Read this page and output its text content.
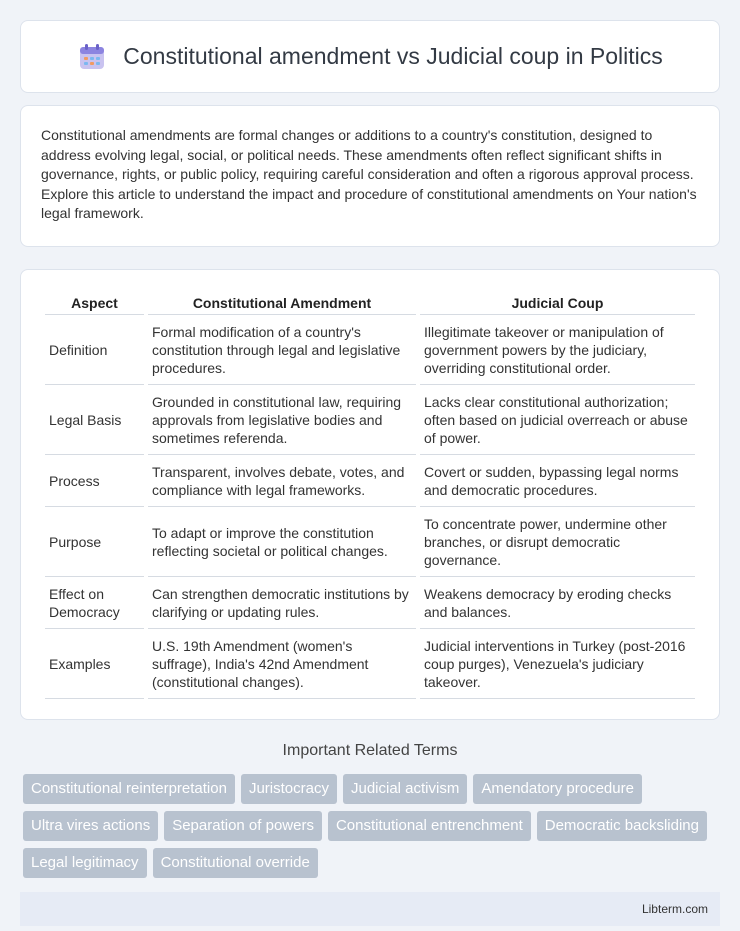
Constitutional amendment vs Judicial coup in Politics

Constitutional amendments are formal changes or additions to a country's constitution, designed to address evolving legal, social, or political needs. These amendments often reflect significant shifts in governance, rights, or public policy, requiring careful consideration and often a rigorous approval process. Explore this article to understand the impact and procedure of constitutional amendments on Your nation's legal framework.

Aspect	Constitutional Amendment	Judicial Coup
Definition	Formal modification of a country's constitution through legal and legislative procedures.	Illegitimate takeover or manipulation of government powers by the judiciary, overriding constitutional order.
Legal Basis	Grounded in constitutional law, requiring approvals from legislative bodies and sometimes referenda.	Lacks clear constitutional authorization; often based on judicial overreach or abuse of power.
Process	Transparent, involves debate, votes, and compliance with legal frameworks.	Covert or sudden, bypassing legal norms and democratic procedures.
Purpose	To adapt or improve the constitution reflecting societal or political changes.	To concentrate power, undermine other branches, or disrupt democratic governance.
Effect on Democracy	Can strengthen democratic institutions by clarifying or updating rules.	Weakens democracy by eroding checks and balances.
Examples	U.S. 19th Amendment (women's suffrage), India's 42nd Amendment (constitutional changes).	Judicial interventions in Turkey (post-2016 coup purges), Venezuela's judiciary takeover.
Important Related Terms
Constitutional reinterpretation	Juristocracy	Judicial activism	Amendatory procedure
Ultra vires actions	Separation of powers	Constitutional entrenchment	Democratic backsliding
Legal legitimacy	Constitutional override
Libterm.com
